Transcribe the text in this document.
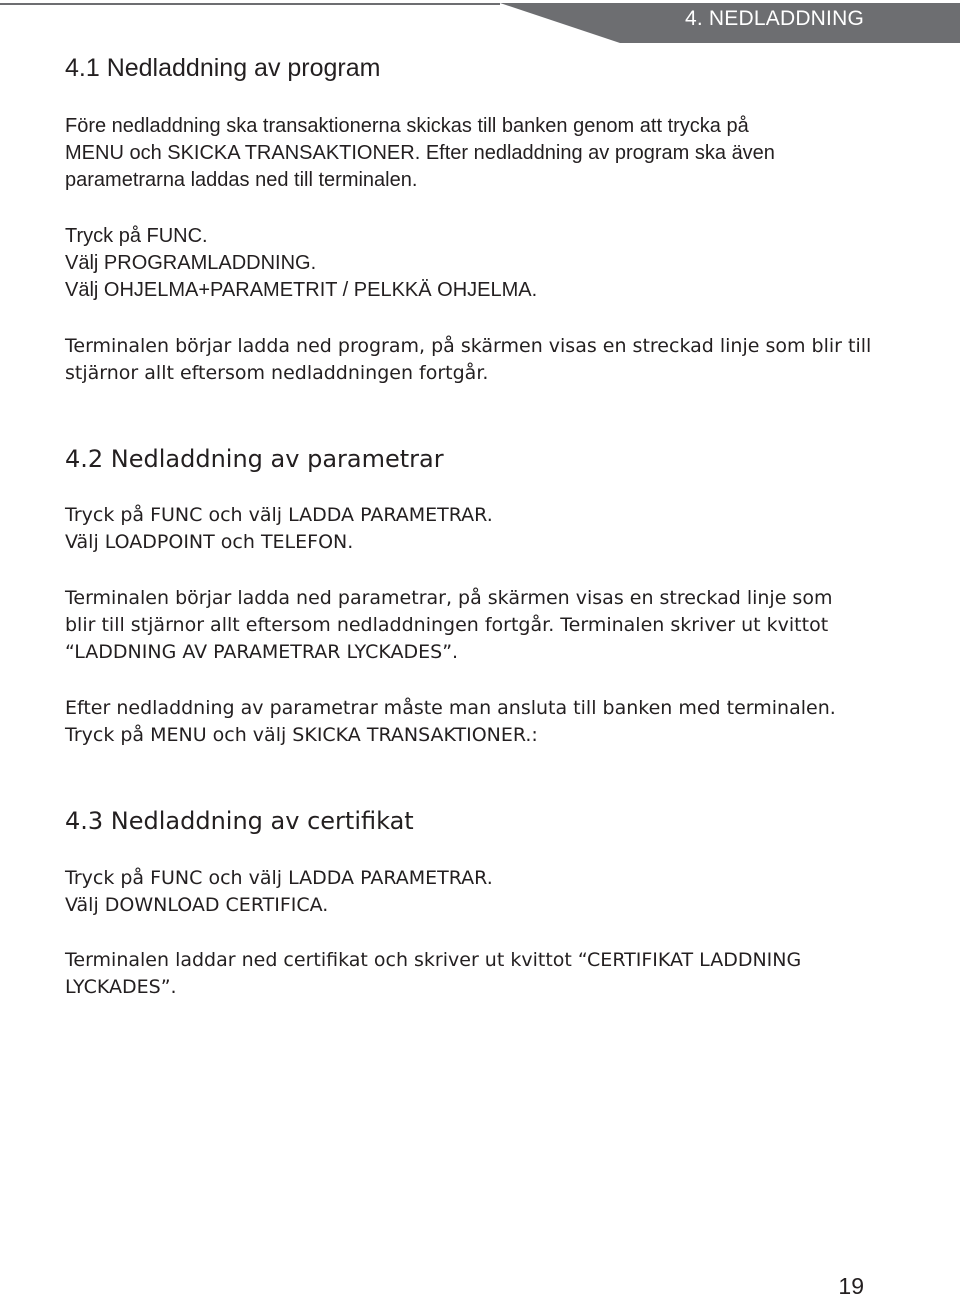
4. NEDLADDNING
4.1 Nedladdning av program

Före nedladdning ska transaktionerna skickas till banken genom att trycka på
MENU och SKICKA TRANSAKTIONER. Efter nedladdning av program ska även
parametrarna laddas ned till terminalen.

Tryck på FUNC.
Välj PROGRAMLADDNING.
Välj OHJELMA+PARAMETRIT / PELKKÄ OHJELMA.

Terminalen börjar ladda ned program, på skärmen visas en streckad linje som blir till
stjärnor allt eftersom nedladdningen fortgår.

4.2 Nedladdning av parametrar

Tryck på FUNC och välj LADDA PARAMETRAR.
Välj LOADPOINT och TELEFON.

Terminalen börjar ladda ned parametrar, på skärmen visas en streckad linje som
blir till stjärnor allt eftersom nedladdningen fortgår. Terminalen skriver ut kvittot
“LADDNING AV PARAMETRAR LYCKADES”.

Efter nedladdning av parametrar måste man ansluta till banken med terminalen.
Tryck på MENU och välj SKICKA TRANSAKTIONER.:

4.3 Nedladdning av certifikat

Tryck på FUNC och välj LADDA PARAMETRAR.
Välj DOWNLOAD CERTIFICA.

Terminalen laddar ned certifikat och skriver ut kvittot “CERTIFIKAT LADDNING
LYCKADES”.

19
